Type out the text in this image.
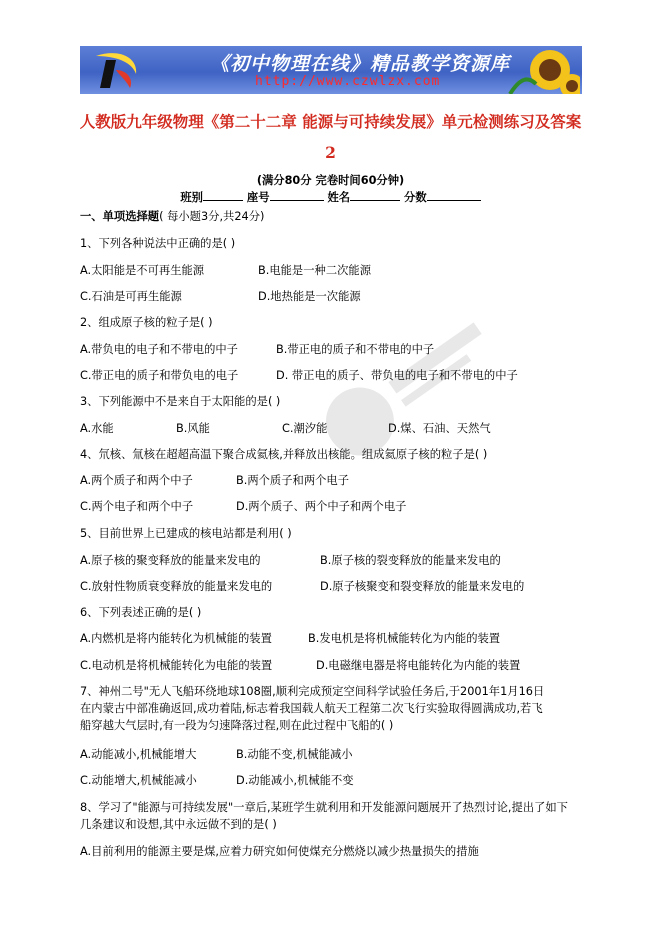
《初中物理在线》精品教学资源库
http://www.czwlzx.com
人教版九年级物理《第二十二章 能源与可持续发展》单元检测练习及答案
2
(满分80分 完卷时间60分钟)
班别	座号	姓名	分数
一、单项选择题( 每小题3分,共24分)
1、下列各种说法中正确的是( )
A.太阳能是不可再生能源	B.电能是一种二次能源
C.石油是可再生能源	D.地热能是一次能源
2、组成原子核的粒子是( )
A.带负电的电子和不带电的中子	B.带正电的质子和不带电的中子
C.带正电的质子和带负电的电子	D. 带正电的质子、带负电的电子和不带电的中子
3、下列能源中不是来自于太阳能的是( )
A.水能	B.风能	C.潮汐能	D.煤、石油、天然气
4、氘核、氚核在超超高温下聚合成氦核,并释放出核能。组成氦原子核的粒子是( )
A.两个质子和两个中子	B.两个质子和两个电子
C.两个电子和两个中子	D.两个质子、两个中子和两个电子
5、目前世界上已建成的核电站都是利用( )
A.原子核的聚变释放的能量来发电的	B.原子核的裂变释放的能量来发电的
C.放射性物质衰变释放的能量来发电的	D.原子核聚变和裂变释放的能量来发电的
6、下列表述正确的是( )
A.内燃机是将内能转化为机械能的装置	B.发电机是将机械能转化为内能的装置
C.电动机是将机械能转化为电能的装置	D.电磁继电器是将电能转化为内能的装置
7、神州二号"无人飞船环绕地球108圈,顺利完成预定空间科学试验任务后,于2001年1月16日
在内蒙古中部准确返回,成功着陆,标志着我国载人航天工程第二次飞行实验取得圆满成功,若飞
船穿越大气层时,有一段为匀速降落过程,则在此过程中飞船的( )
A.动能减小,机械能增大	B.动能不变,机械能减小
C.动能增大,机械能减小	D.动能减小,机械能不变
8、学习了"能源与可持续发展"一章后,某班学生就利用和开发能源问题展开了热烈讨论,提出了如下
几条建议和设想,其中永远做不到的是( )
A.目前利用的能源主要是煤,应着力研究如何使煤充分燃烧以减少热量损失的措施
